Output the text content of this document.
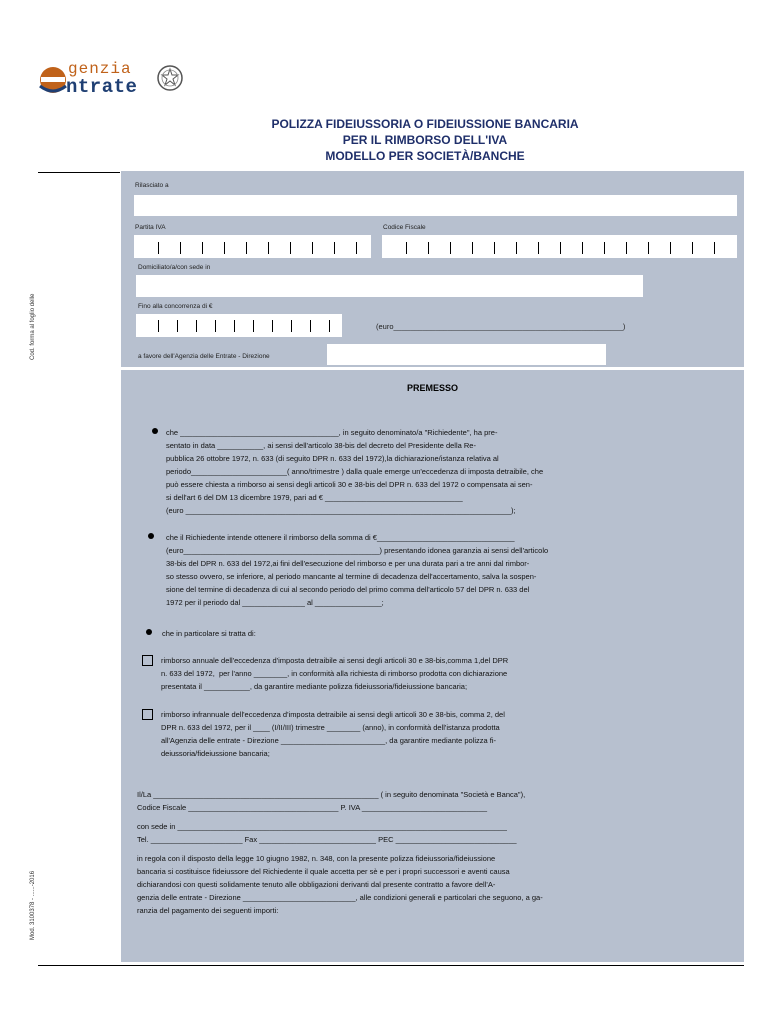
genzia
ntrate
POLIZZA FIDEIUSSORIA O FIDEIUSSIONE BANCARIA
PER IL RIMBORSO DELL'IVA
MODELLO PER SOCIETÀ/BANCHE
Cod. forma al foglio delle
Mod. 3100378 - ......-2016
Rilasciato a
Partita IVA	Codice Fiscale
Domiciliato/a/con sede in
Fino alla concorrenza di €
(euro_______________________________________________________)
a favore dell'Agenzia delle Entrate - Direzione
PREMESSO
che ______________________________________, in seguito denominato/a "Richiedente", ha pre-
sentato in data ___________, ai sensi dell'articolo 38-bis del decreto del Presidente della Re-
pubblica 26 ottobre 1972, n. 633 (di seguito DPR n. 633 del 1972),la dichiarazione/istanza relativa al
periodo_______________________( anno/trimestre ) dalla quale emerge un'eccedenza di imposta detraibile, che
può essere chiesta a rimborso ai sensi degli articoli 30 e 38-bis del DPR n. 633 del 1972 o compensata ai sen-
si dell'art 6 del DM 13 dicembre 1979, pari ad € _________________________________
(euro ______________________________________________________________________________);
che il Richiedente intende ottenere il rimborso della somma di €_________________________________
(euro_______________________________________________) presentando idonea garanzia ai sensi dell'articolo
38-bis del DPR n. 633 del 1972,ai fini dell'esecuzione del rimborso e per una durata pari a tre anni dal rimbor-
so stesso ovvero, se inferiore, al periodo mancante al termine di decadenza dell'accertamento, salva la sospen-
sione del termine di decadenza di cui al secondo periodo del primo comma dell'articolo 57 del DPR n. 633 del
1972 per il periodo dal _______________ al ________________;
che in particolare si tratta di:
rimborso annuale dell'eccedenza d'imposta detraibile ai sensi degli articoli 30 e 38-bis,comma 1,del DPR
n. 633 del 1972,  per l'anno ________, in conformità alla richiesta di rimborso prodotta con dichiarazione
presentata il ___________, da garantire mediante polizza fideiussoria/fideiussione bancaria;
rimborso infrannuale dell'eccedenza d'imposta detraibile ai sensi degli articoli 30 e 38-bis, comma 2, del
DPR n. 633 del 1972, per il ____ (I/II/III) trimestre ________ (anno), in conformità dell'istanza prodotta
all'Agenzia delle entrate - Direzione _________________________, da garantire mediante polizza fi-
deiussoria/fideiussione bancaria;
Il/La ______________________________________________________ ( in seguito denominata "Società e Banca"),
Codice Fiscale ____________________________________ P. IVA ______________________________
con sede in _______________________________________________________________________________
Tel. ______________________ Fax ____________________________ PEC _____________________________
in regola con il disposto della legge 10 giugno 1982, n. 348, con la presente polizza fideiussoria/fideiussione
bancaria si costituisce fideiussore del Richiedente il quale accetta per sè e per i propri successori e aventi causa
dichiarandosi con questi solidamente tenuto alle obbligazioni derivanti dal presente contratto a favore dell'A-
genzia delle entrate - Direzione ___________________________, alle condizioni generali e particolari che seguono, a ga-
ranzia del pagamento dei seguenti importi:
